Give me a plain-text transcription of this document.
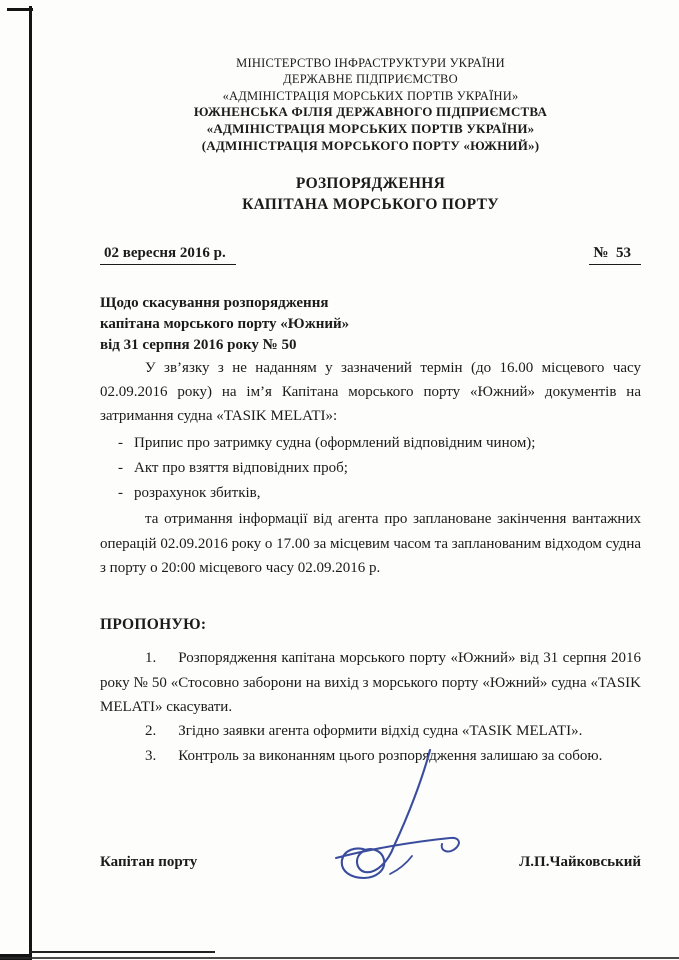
МІНІСТЕРСТВО ІНФРАСТРУКТУРИ УКРАЇНИ
ДЕРЖАВНЕ ПІДПРИЄМСТВО
«АДМІНІСТРАЦІЯ МОРСЬКИХ ПОРТІВ УКРАЇНИ»
ЮЖНЕНСЬКА ФІЛІЯ ДЕРЖАВНОГО ПІДПРИЄМСТВА
«АДМІНІСТРАЦІЯ МОРСЬКИХ ПОРТІВ УКРАЇНИ»
(АДМІНІСТРАЦІЯ МОРСЬКОГО ПОРТУ «ЮЖНИЙ»)
РОЗПОРЯДЖЕННЯ
КАПІТАНА МОРСЬКОГО ПОРТУ
02 вересня 2016 р.	№  53
Щодо скасування розпорядження
капітана морського порту «Южний»
від 31 серпня 2016 року № 50

У зв’язку з не наданням у зазначений термін (до 16.00 місцевого часу 02.09.2016 року) на ім’я Капітана морського порту «Южний» документів на затримання судна «TASIK MELATI»:

- Припис про затримку судна (оформлений відповідним чином);
- Акт про взяття відповідних проб;
- розрахунок збитків,

та отримання інформації від агента про заплановане закінчення вантажних операцій 02.09.2016 року о 17.00 за місцевим часом та запланованим відходом судна з порту о 20:00 місцевого часу 02.09.2016 р.

ПРОПОНУЮ:

1. Розпорядження капітана морського порту «Южний» від 31 серпня 2016 року № 50 «Стосовно заборони на вихід з морського порту «Южний» судна «TASIK MELATI» скасувати.

2. Згідно заявки агента оформити відхід судна «TASIK MELATI».

3. Контроль за виконанням цього розпорядження залишаю за собою.

Капітан порту	Л.П.Чайковський
